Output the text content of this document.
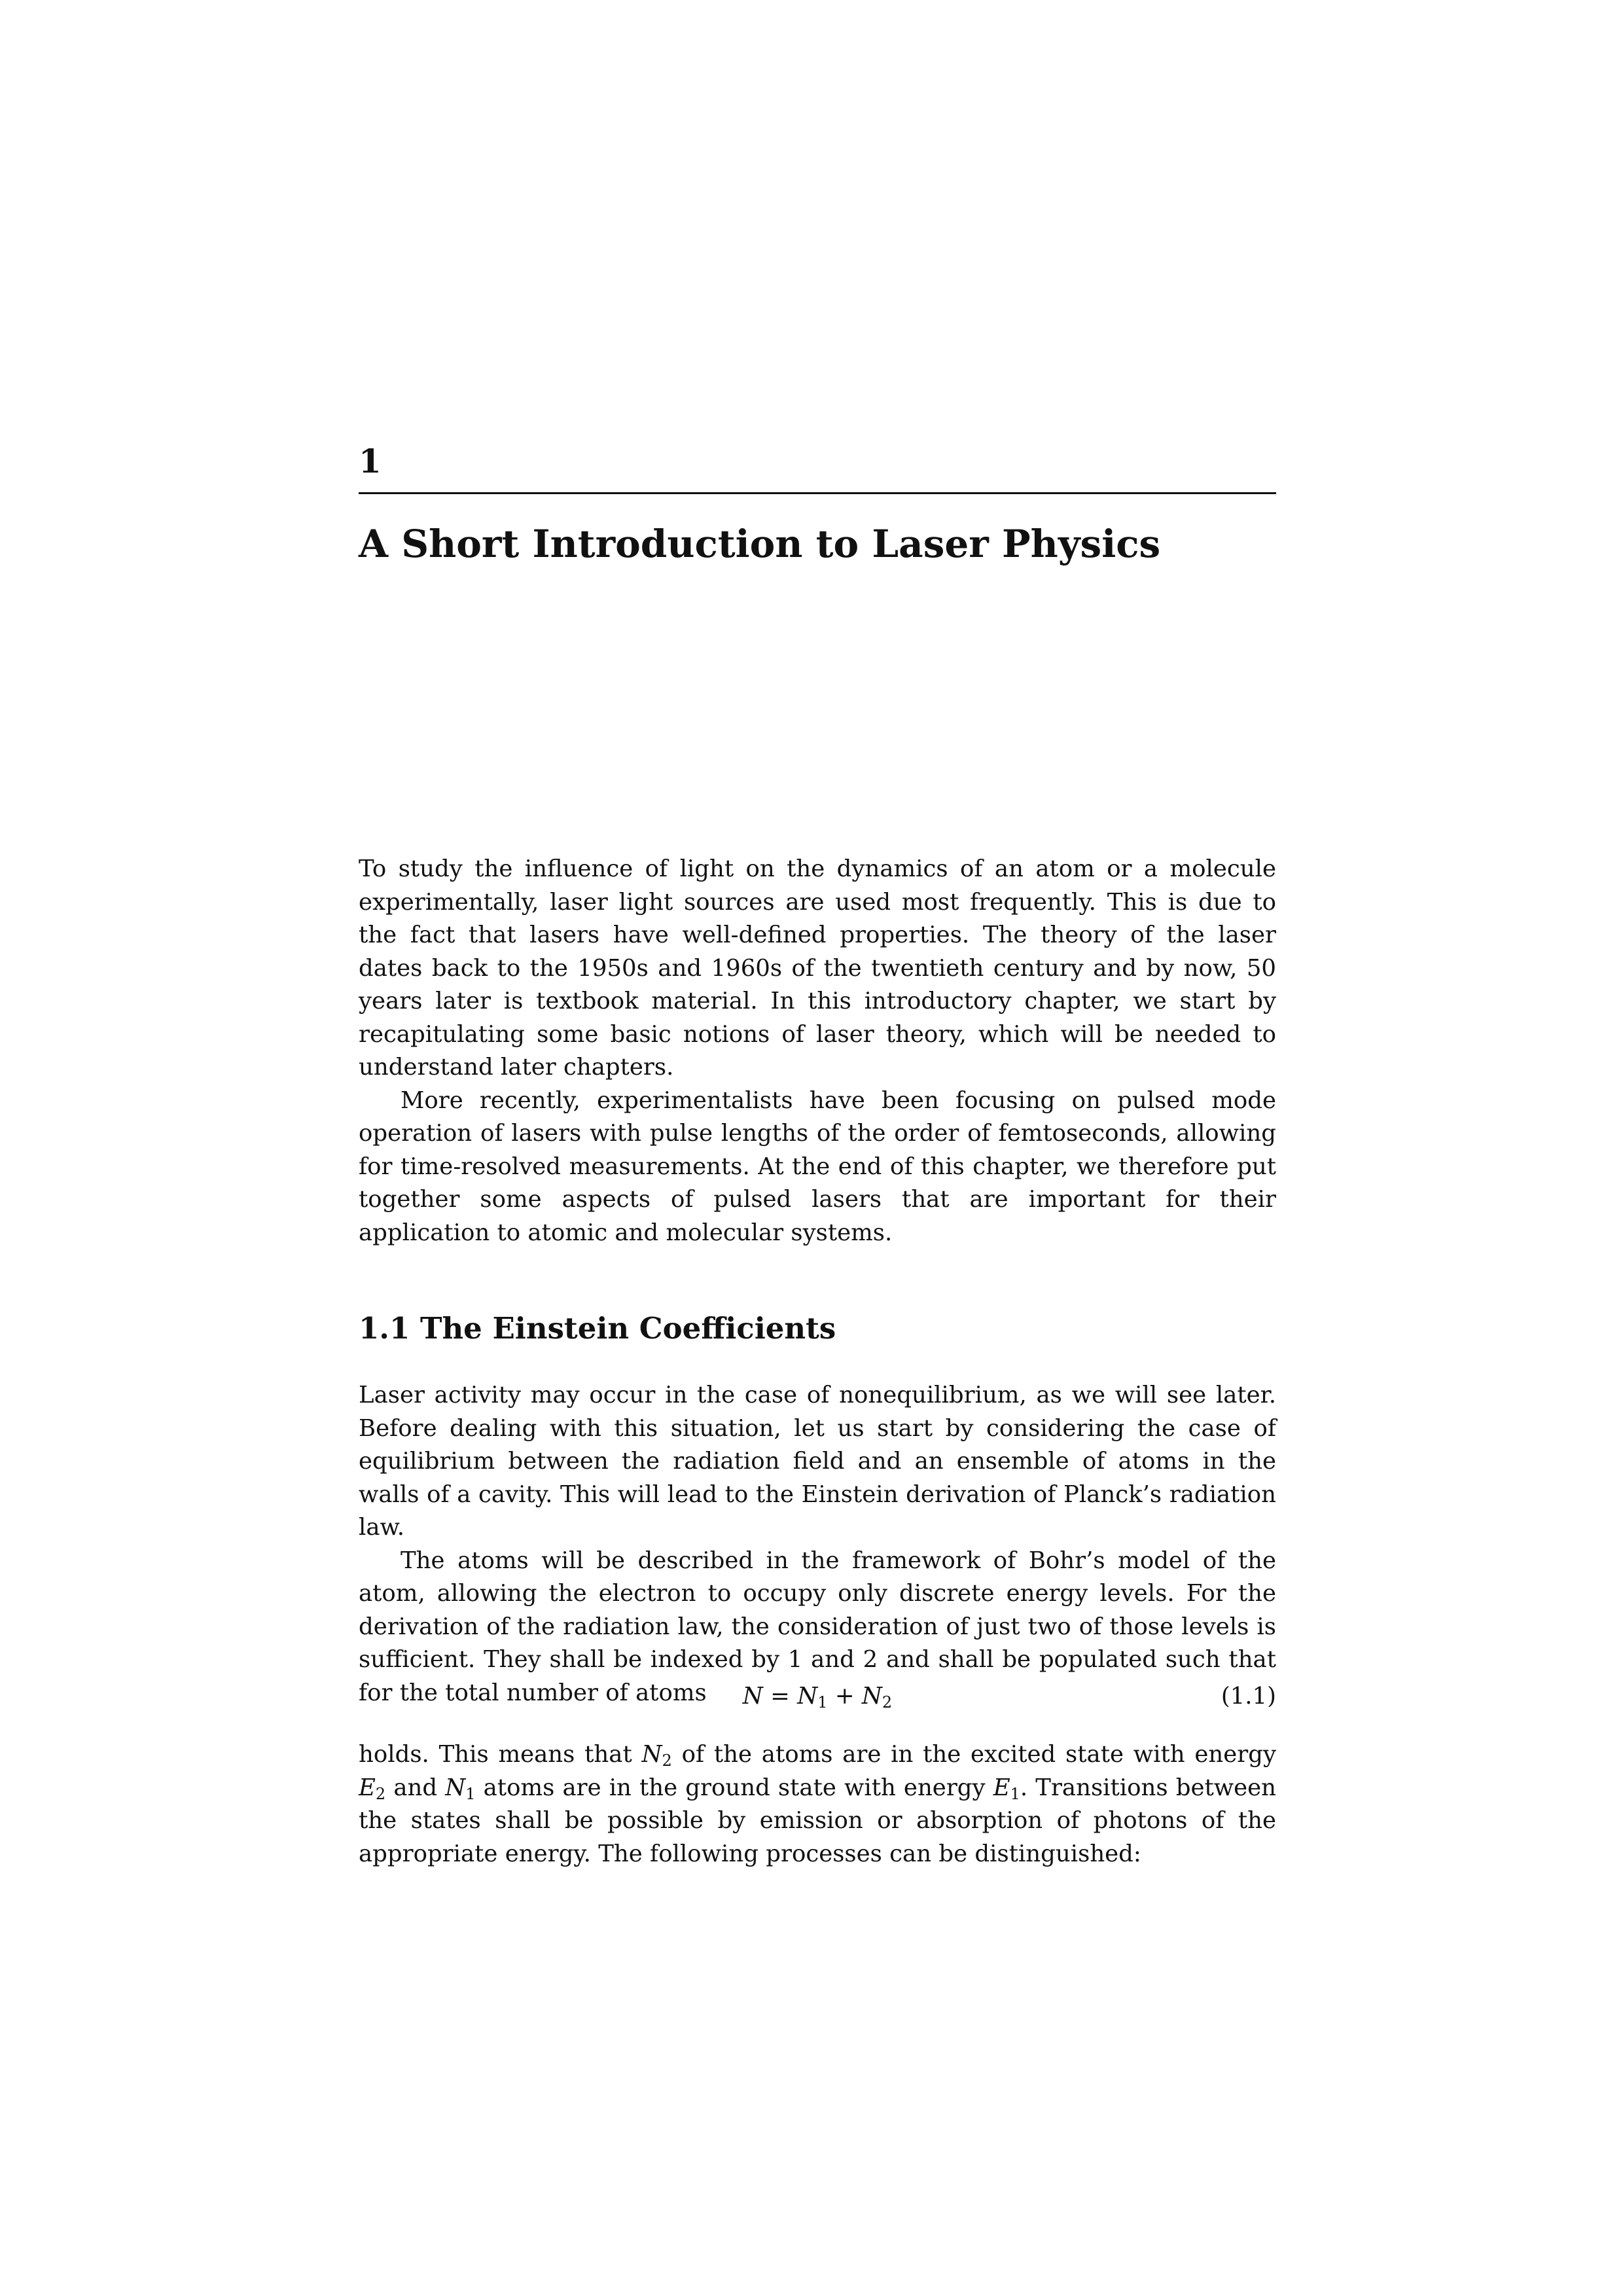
1
A Short Introduction to Laser Physics

To study the influence of light on the dynamics of an atom or a molecule experimentally, laser light sources are used most frequently. This is due to the fact that lasers have well-defined properties. The theory of the laser dates back to the 1950s and 1960s of the twentieth century and by now, 50 years later is textbook material. In this introductory chapter, we start by recapitulating some basic notions of laser theory, which will be needed to understand later chapters.

More recently, experimentalists have been focusing on pulsed mode operation of lasers with pulse lengths of the order of femtoseconds, allowing for time-resolved measurements. At the end of this chapter, we therefore put together some aspects of pulsed lasers that are important for their application to atomic and molecular systems.

1.1 The Einstein Coefficients

Laser activity may occur in the case of nonequilibrium, as we will see later. Before dealing with this situation, let us start by considering the case of equilibrium between the radiation field and an ensemble of atoms in the walls of a cavity. This will lead to the Einstein derivation of Planck’s radiation law.

The atoms will be described in the framework of Bohr’s model of the atom, allowing the electron to occupy only discrete energy levels. For the derivation of the radiation law, the consideration of just two of those levels is sufficient. They shall be indexed by 1 and 2 and shall be populated such that for the total number of atoms	$N = N_1 + N_2$	(1.1)

holds. This means that $N_2$ of the atoms are in the excited state with energy $E_2$ and $N_1$ atoms are in the ground state with energy $E_1$. Transitions between the states shall be possible by emission or absorption of photons of the appropriate energy. The following processes can be distinguished:
